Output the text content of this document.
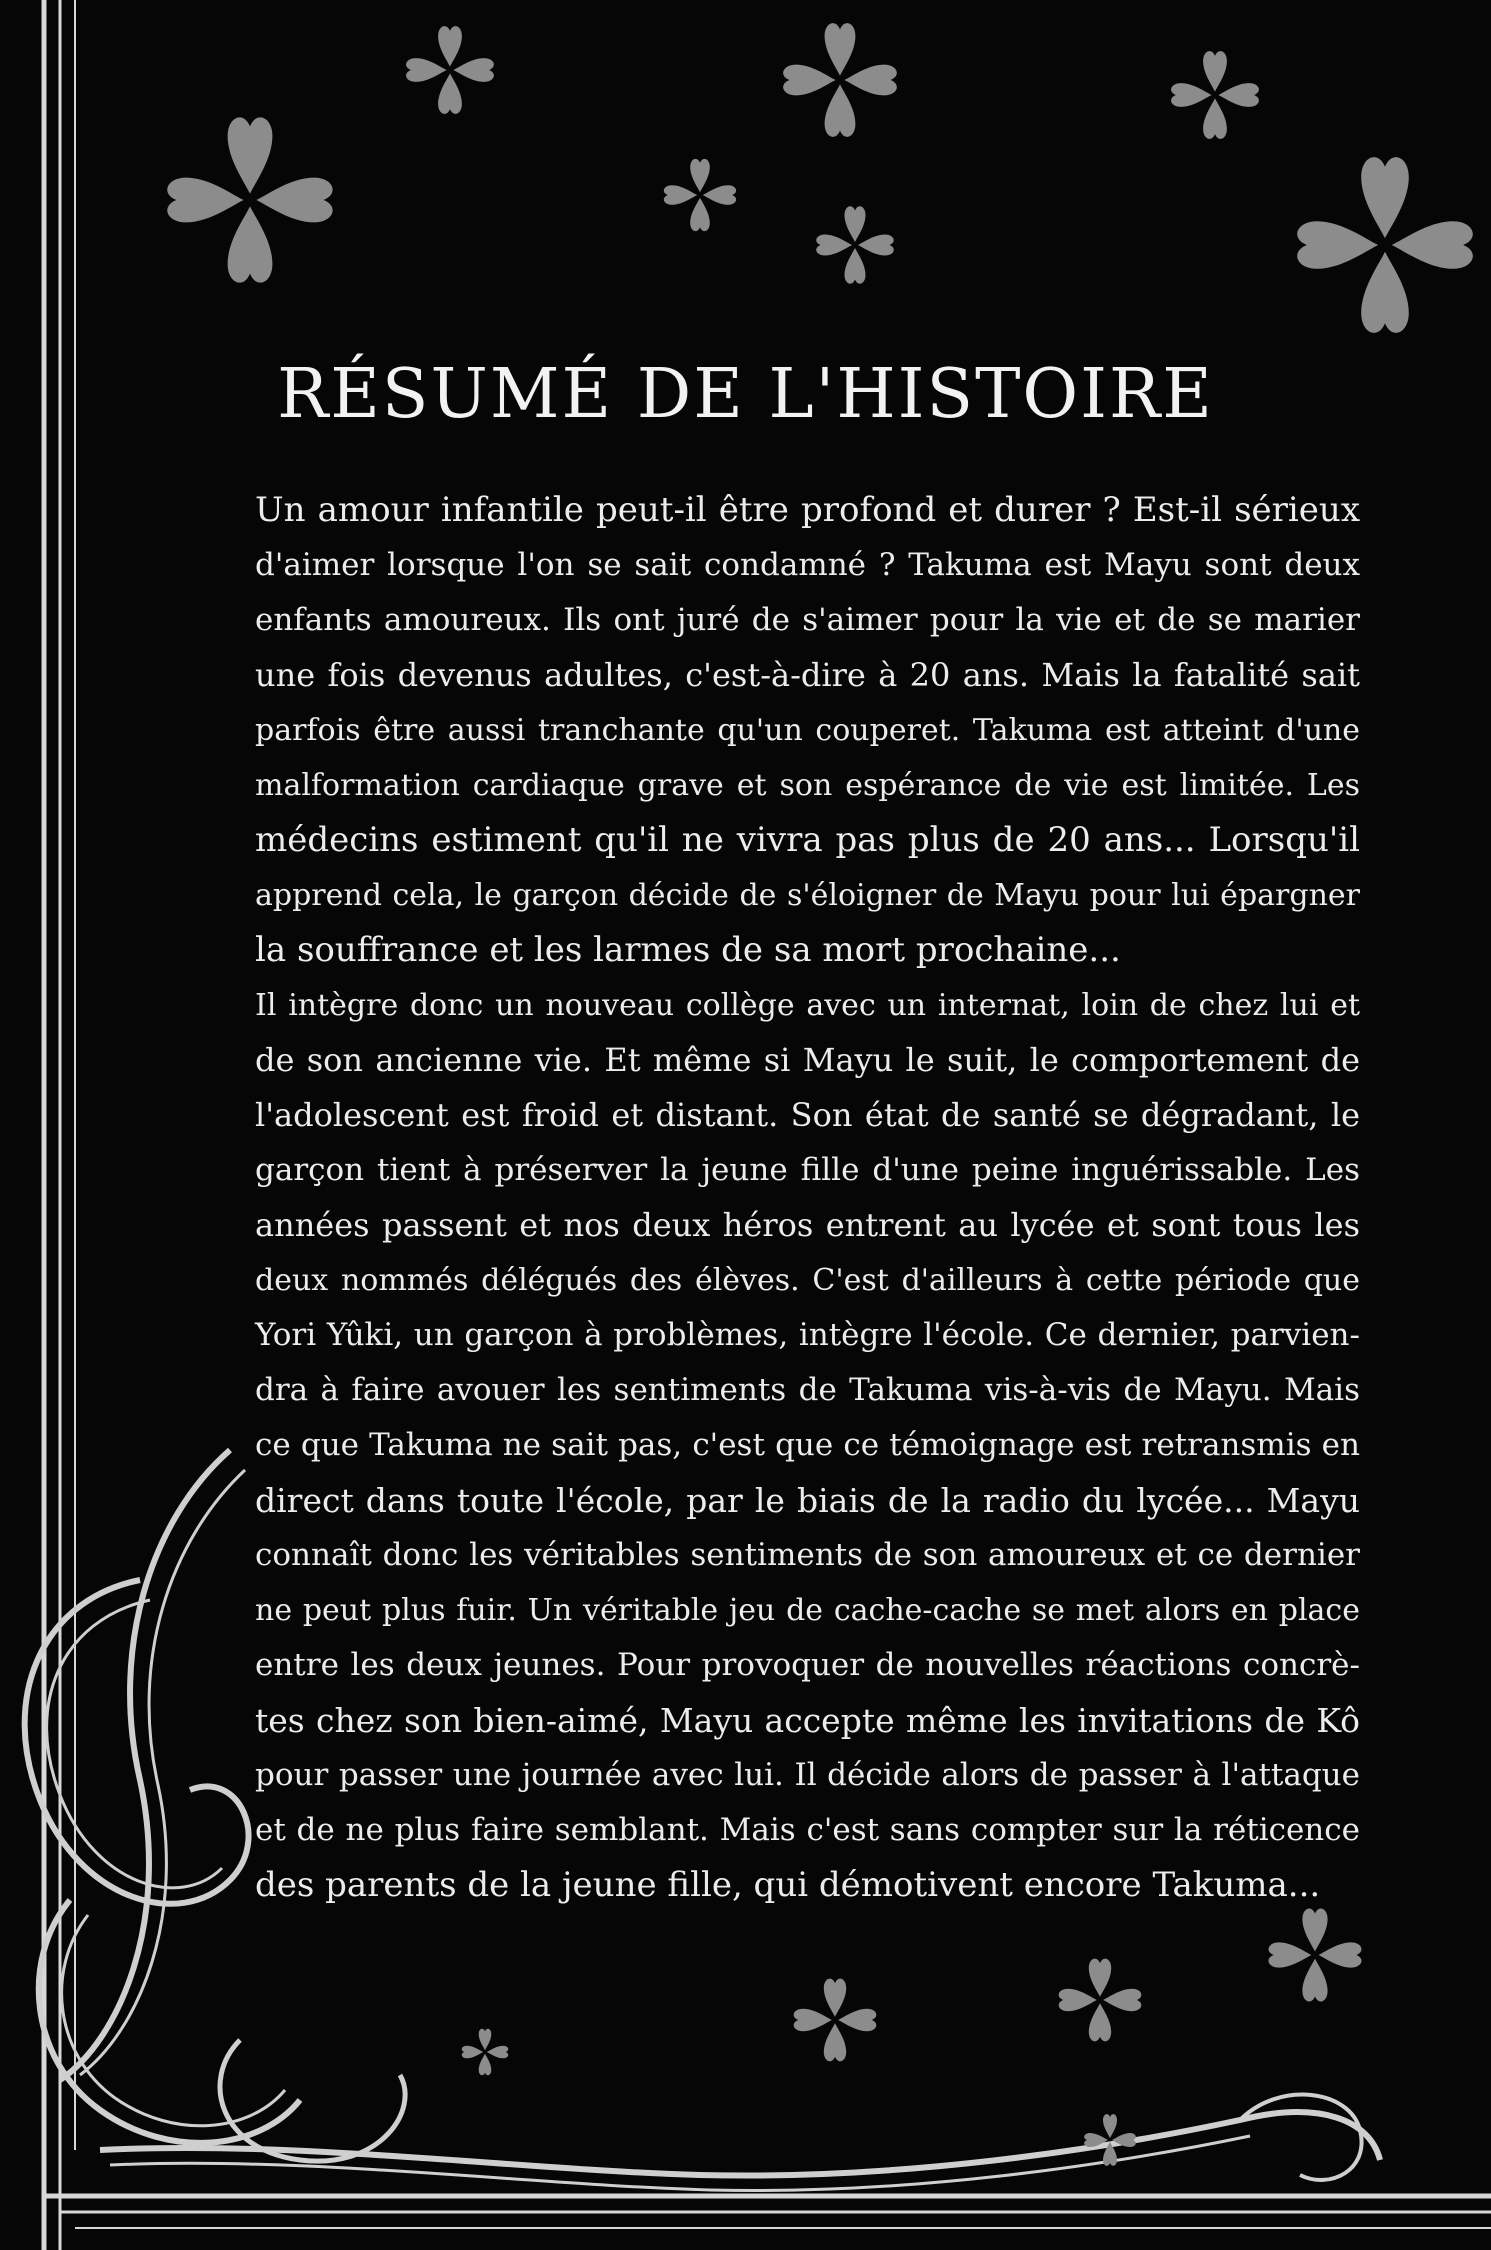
RÉSUMÉ DE L'HISTOIRE
Un amour infantile peut-il être profond et durer ? Est-il sérieux
d'aimer lorsque l'on se sait condamné ? Takuma est Mayu sont deux
enfants amoureux. Ils ont juré de s'aimer pour la vie et de se marier
une fois devenus adultes, c'est-à-dire à 20 ans. Mais la fatalité sait
parfois être aussi tranchante qu'un couperet. Takuma est atteint d'une
malformation cardiaque grave et son espérance de vie est limitée. Les
médecins estiment qu'il ne vivra pas plus de 20 ans... Lorsqu'il
apprend cela, le garçon décide de s'éloigner de Mayu pour lui épargner
la souffrance et les larmes de sa mort prochaine...
Il intègre donc un nouveau collège avec un internat, loin de chez lui et
de son ancienne vie. Et même si Mayu le suit, le comportement de
l'adolescent est froid et distant. Son état de santé se dégradant, le
garçon tient à préserver la jeune fille d'une peine inguérissable. Les
années passent et nos deux héros entrent au lycée et sont tous les
deux nommés délégués des élèves. C'est d'ailleurs à cette période que
Yori Yûki, un garçon à problèmes, intègre l'école. Ce dernier, parvien-
dra à faire avouer les sentiments de Takuma vis-à-vis de Mayu. Mais
ce que Takuma ne sait pas, c'est que ce témoignage est retransmis en
direct dans toute l'école, par le biais de la radio du lycée... Mayu
connaît donc les véritables sentiments de son amoureux et ce dernier
ne peut plus fuir. Un véritable jeu de cache-cache se met alors en place
entre les deux jeunes. Pour provoquer de nouvelles réactions concrè-
tes chez son bien-aimé, Mayu accepte même les invitations de Kô
pour passer une journée avec lui. Il décide alors de passer à l'attaque
et de ne plus faire semblant. Mais c'est sans compter sur la réticence
des parents de la jeune fille, qui démotivent encore Takuma...
